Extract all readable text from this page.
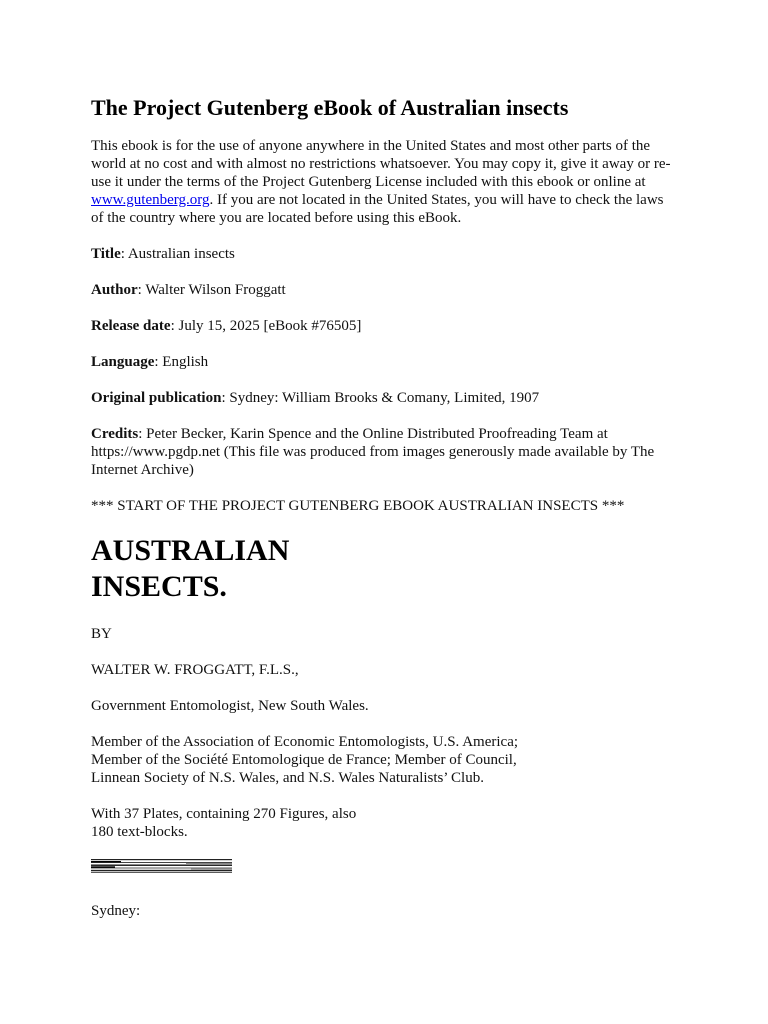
The Project Gutenberg eBook of Australian insects

This ebook is for the use of anyone anywhere in the United States and most other parts of the world at no cost and with almost no restrictions whatsoever. You may copy it, give it away or re-use it under the terms of the Project Gutenberg License included with this ebook or online at www.gutenberg.org. If you are not located in the United States, you will have to check the laws of the country where you are located before using this eBook.

Title: Australian insects

Author: Walter Wilson Froggatt

Release date: July 15, 2025 [eBook #76505]

Language: English

Original publication: Sydney: William Brooks & Comany, Limited, 1907

Credits: Peter Becker, Karin Spence and the Online Distributed Proofreading Team at https://www.pgdp.net (This file was produced from images generously made available by The Internet Archive)

*** START OF THE PROJECT GUTENBERG EBOOK AUSTRALIAN INSECTS ***

AUSTRALIAN INSECTS.

BY

WALTER W. FROGGATT, F.L.S.,

Government Entomologist, New South Wales.

Member of the Association of Economic Entomologists, U.S. America;
Member of the Société Entomologique de France; Member of Council,
Linnean Society of N.S. Wales, and N.S. Wales Naturalists’ Club.

With 37 Plates, containing 270 Figures, also
180 text-blocks.

Sydney:
